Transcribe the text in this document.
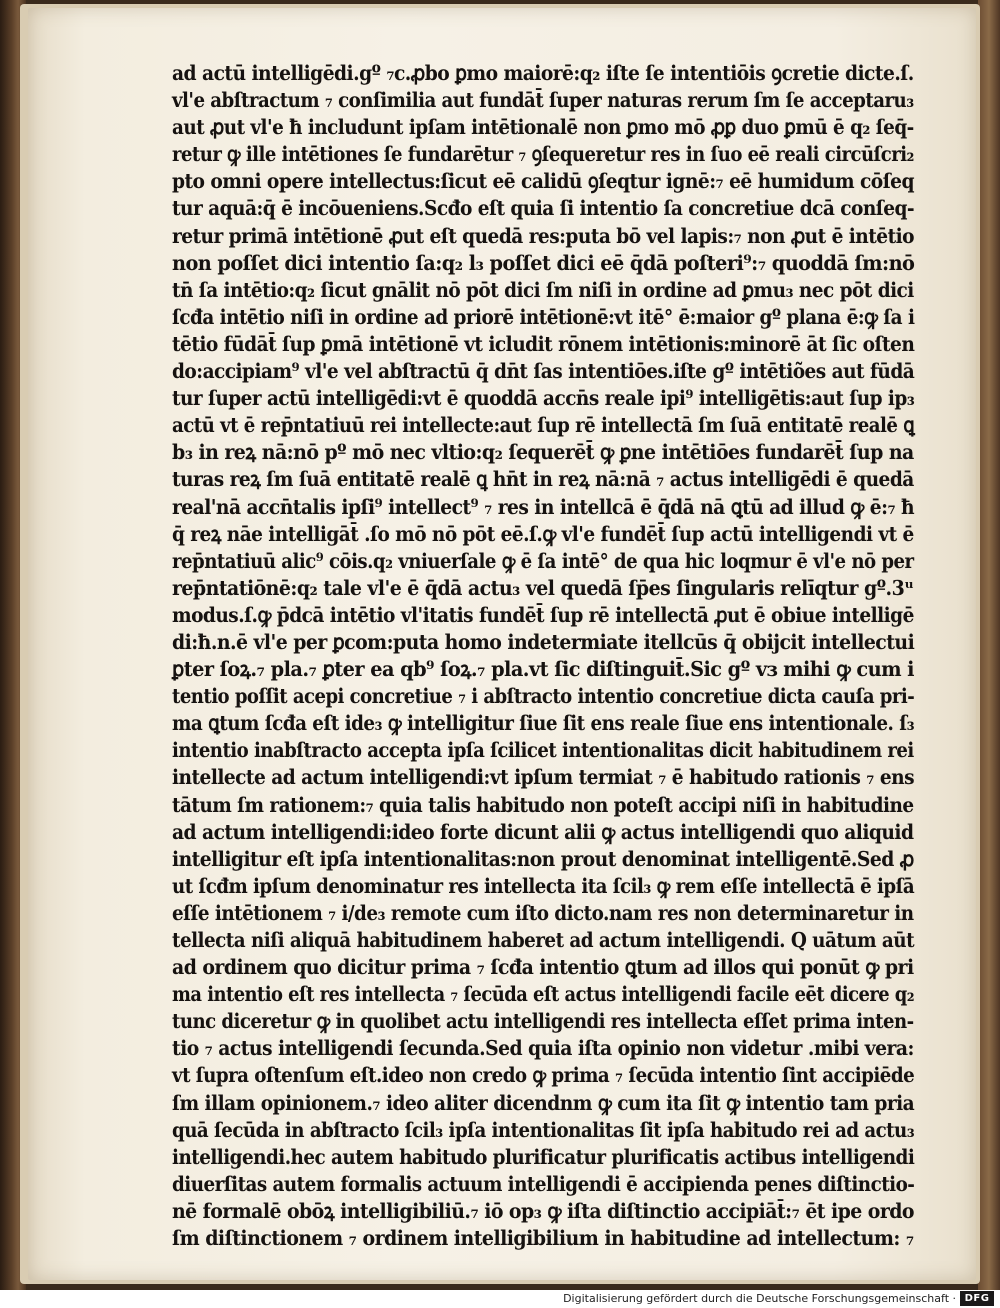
ad actū intelligēdi.gº ₇c.ꝓbo ꝑmo maiorē:q₂ iſte ſe intentiōis ꝯcretie dicte.ſ.
vl'e abſtractum ₇ conſimilia aut fundāt̄ ſuper naturas rerum ſm ſe acceptaru₃
aut ꝓut vl'e ħ includunt ipſam intētionalē non ꝑmo mō ꝓꝑ duo ꝑmū ē q₂ ſeq̄-
retur ꝙ ille intētiones ſe fundarētur ₇ ꝯſequeretur res in ſuo eē reali circūſcri₂
pto omni opere intellectus:ſicut eē calidū ꝯſeqtur ignē:₇ eē humidum cōſeq
tur aquā:q̄ ē incōueniens.Scđo eſt quia ſi intentio ſa concretiue dcā conſeq-
retur primā intētionē ꝓut eſt quedā res:puta bō vel lapis:₇ non ꝓut ē intētio
non poſſet dici intentio ſa:q₂ l₃ poſſet dici eē q̄dā poſteri⁹:₇ quoddā ſm:nō
tn̄ ſa intētio:q₂ ſicut gnālit nō pōt dici ſm niſi in ordine ad ꝑmu₃ nec pōt dici
ſcđa intētio niſi in ordine ad priorē intētionē:vt itē° ē:maior gº plana ē:ꝙ ſa i
tētio fūdāt̄ ſup ꝑmā intētionē vt icludit rōnem intētionis:minorē āt ſic oſten
do:accipiam⁹ vl'e vel abſtractū q̄ dn̄t ſas intentiōes.iſte gº intētiões aut fūdā
tur ſuper actū intelligēdi:vt ē quoddā accn̄s reale ipi⁹ intelligētis:aut ſup ip₃
actū vt ē rep̄ntatiuū rei intellecte:aut ſup rē intellectā ſm ſuā entitatē realē ꝗ
b₃ in reꝝ nā:nō pº mō nec vltio:q₂ ſequerēt̄ ꝙ ꝑne intētiōes fundarēt̄ ſup na
turas reꝝ ſm ſuā entitatē realē ꝗ hn̄t in reꝝ nā:nā ₇ actus intelligēdi ē quedā
real'nā accn̄talis ipſi⁹ intellect⁹ ₇ res in intellcā ē q̄dā nā ꝗtū ad illud ꝙ ē:₇ ħ
q̄ reꝝ nāe intelligāt̄ .ſo mō nō pōt eē.ſ.ꝙ vl'e fundēt̄ ſup actū intelligendi vt ē
rep̄ntatiuū alic⁹ cōis.q₂ vniuerſale ꝙ ē ſa intē° de qua hic loqmur ē vl'e nō per
rep̄ntatiōnē:q₂ tale vl'e ē q̄dā actu₃ vel quedā ſp̄es ſingularis relīqtur gº.3ᵘ
modus.ſ.ꝙ p̄dcā intētio vl'itatis fundēt̄ ſup rē intellectā ꝓut ē obiue intelligē
di:ħ.n.ē vl'e per ꝑcom:puta homo indetermiate itellcūs q̄ obijcit intellectui
ꝑter ſoꝝ.₇ pla.₇ ꝑter ea qb⁹ ſoꝝ.₇ pla.vt ſic diſtinguit̄.Sic gº vɜ mihi ꝙ cum i
tentio poſſit acepi concretiue ₇ i abſtracto intentio concretiue dicta cauſa pri-
ma ꝗtum ſcđa eſt ide₃ ꝙ intelligitur ſiue ſit ens reale ſiue ens intentionale. ſ₃
intentio inabſtracto accepta ipſa ſcilicet intentionalitas dicit habitudinem rei
intellecte ad actum intelligendi:vt ipſum termiat ₇ ē habitudo rationis ₇ ens
tātum ſm rationem:₇ quia talis habitudo non poteſt accipi niſi in habitudine
ad actum intelligendi:ideo forte dicunt alii ꝙ actus intelligendi quo aliquid
intelligitur eſt ipſa intentionalitas:non prout denominat intelligentē.Sed ꝓ
ut ſcđm ipſum denominatur res intellecta ita ſcil₃ ꝙ rem eſſe intellectā ē ipſā
eſſe intētionem ₇ i/de₃ remote cum iſto dicto.nam res non determinaretur in
tellecta niſi aliquā habitudinem haberet ad actum intelligendi. Q uātum aūt
ad ordinem quo dicitur prima ₇ ſcđa intentio ꝗtum ad illos qui ponūt ꝙ pri
ma intentio eſt res intellecta ₇ ſecūda eſt actus intelligendi facile eēt dicere q₂
tunc diceretur ꝙ in quolibet actu intelligendi res intellecta eſſet prima inten-
tio ₇ actus intelligendi ſecunda.Sed quia iſta opinio non videtur .mibi vera:
vt ſupra oſtenſum eſt.ideo non credo ꝙ prima ₇ ſecūda intentio ſint accipiēde
ſm illam opinionem.₇ ideo aliter dicendnm ꝙ cum ita ſit ꝙ intentio tam pria
quā ſecūda in abſtracto ſcil₃ ipſa intentionalitas ſit ipſa habitudo rei ad actu₃
intelligendi.hec autem habitudo plurificatur plurificatis actibus intelligendi
diuerſitas autem formalis actuum intelligendi ē accipienda penes diſtinctio-
nē formalē obōꝝ intelligibiliū.₇ iō op₃ ꝙ iſta diſtinctio accipiāt̄:₇ ēt ipe ordo
ſm diſtinctionem ₇ ordinem intelligibilium in habitudine ad intellectum: ₇
Digitalisierung gefördert durch die Deutsche Forschungsgemeinschaft · DFG
